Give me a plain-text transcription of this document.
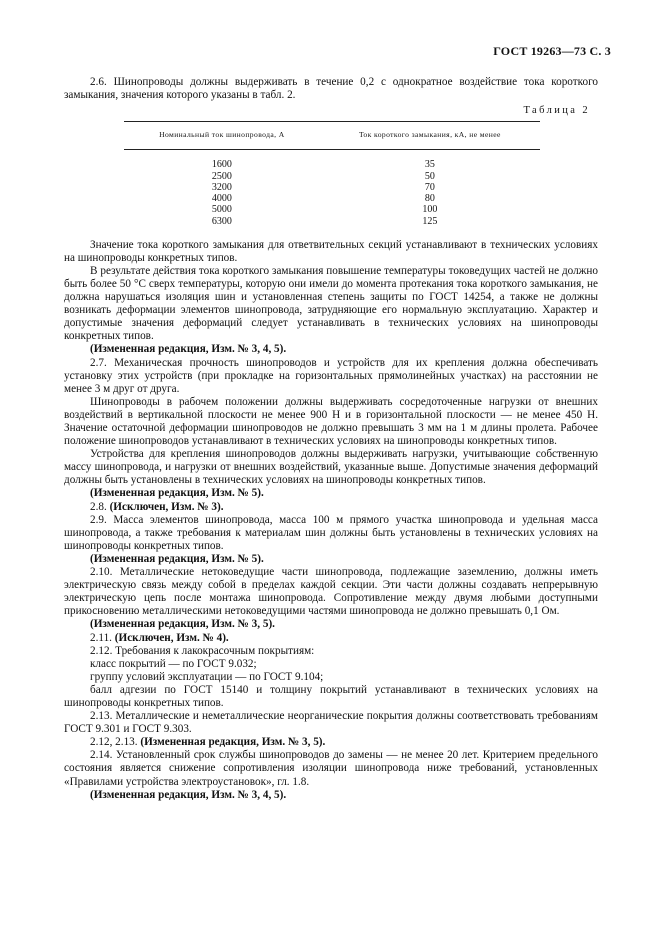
ГОСТ 19263—73 С. 3

2.6. Шинопроводы должны выдерживать в течение 0,2 с однократное воздействие тока короткого замыкания, значения которого указаны в табл. 2.

Таблица 2
Номинальный ток шинопровода, А	Ток короткого замыкания, кА, не менее
1600	35
2500	50
3200	70
4000	80
5000	100
6300	125

Значение тока короткого замыкания для ответвительных секций устанавливают в технических условиях на шинопроводы конкретных типов.

В результате действия тока короткого замыкания повышение температуры токоведущих частей не должно быть более 50 °С сверх температуры, которую они имели до момента протекания тока короткого замыкания, не должна нарушаться изоляция шин и установленная степень защиты по ГОСТ 14254, а также не должны возникать деформации элементов шинопровода, затрудняющие его нормальную эксплуатацию. Характер и допустимые значения деформаций следует устанавливать в технических условиях на шинопроводы конкретных типов.

(Измененная редакция, Изм. № 3, 4, 5).

2.7. Механическая прочность шинопроводов и устройств для их крепления должна обеспечивать установку этих устройств (при прокладке на горизонтальных прямолинейных участках) на расстоянии не менее 3 м друг от друга.

Шинопроводы в рабочем положении должны выдерживать сосредоточенные нагрузки от внешних воздействий в вертикальной плоскости не менее 900 Н и в горизонтальной плоскости — не менее 450 Н. Значение остаточной деформации шинопроводов не должно превышать 3 мм на 1 м длины пролета. Рабочее положение шинопроводов устанавливают в технических условиях на шинопроводы конкретных типов.

Устройства для крепления шинопроводов должны выдерживать нагрузки, учитывающие собственную массу шинопровода, и нагрузки от внешних воздействий, указанные выше. Допустимые значения деформаций должны быть установлены в технических условиях на шинопроводы конкретных типов.

(Измененная редакция, Изм. № 5).

2.8. (Исключен, Изм. № 3).

2.9. Масса элементов шинопровода, масса 100 м прямого участка шинопровода и удельная масса шинопровода, а также требования к материалам шин должны быть установлены в технических условиях на шинопроводы конкретных типов.

(Измененная редакция, Изм. № 5).

2.10. Металлические нетоковедущие части шинопровода, подлежащие заземлению, должны иметь электрическую связь между собой в пределах каждой секции. Эти части должны создавать непрерывную электрическую цепь после монтажа шинопровода. Сопротивление между двумя любыми доступными прикосновению металлическими нетоковедущими частями шинопровода не должно превышать 0,1 Ом.

(Измененная редакция, Изм. № 3, 5).

2.11. (Исключен, Изм. № 4).

2.12. Требования к лакокрасочным покрытиям:

класс покрытий — по ГОСТ 9.032;

группу условий эксплуатации — по ГОСТ 9.104;

балл адгезии по ГОСТ 15140 и толщину покрытий устанавливают в технических условиях на шинопроводы конкретных типов.

2.13. Металлические и неметаллические неорганические покрытия должны соответствовать требованиям ГОСТ 9.301 и ГОСТ 9.303.

2.12, 2.13. (Измененная редакция, Изм. № 3, 5).

2.14. Установленный срок службы шинопроводов до замены — не менее 20 лет. Критерием предельного состояния является снижение сопротивления изоляции шинопровода ниже требований, установленных «Правилами устройства электроустановок», гл. 1.8.

(Измененная редакция, Изм. № 3, 4, 5).
